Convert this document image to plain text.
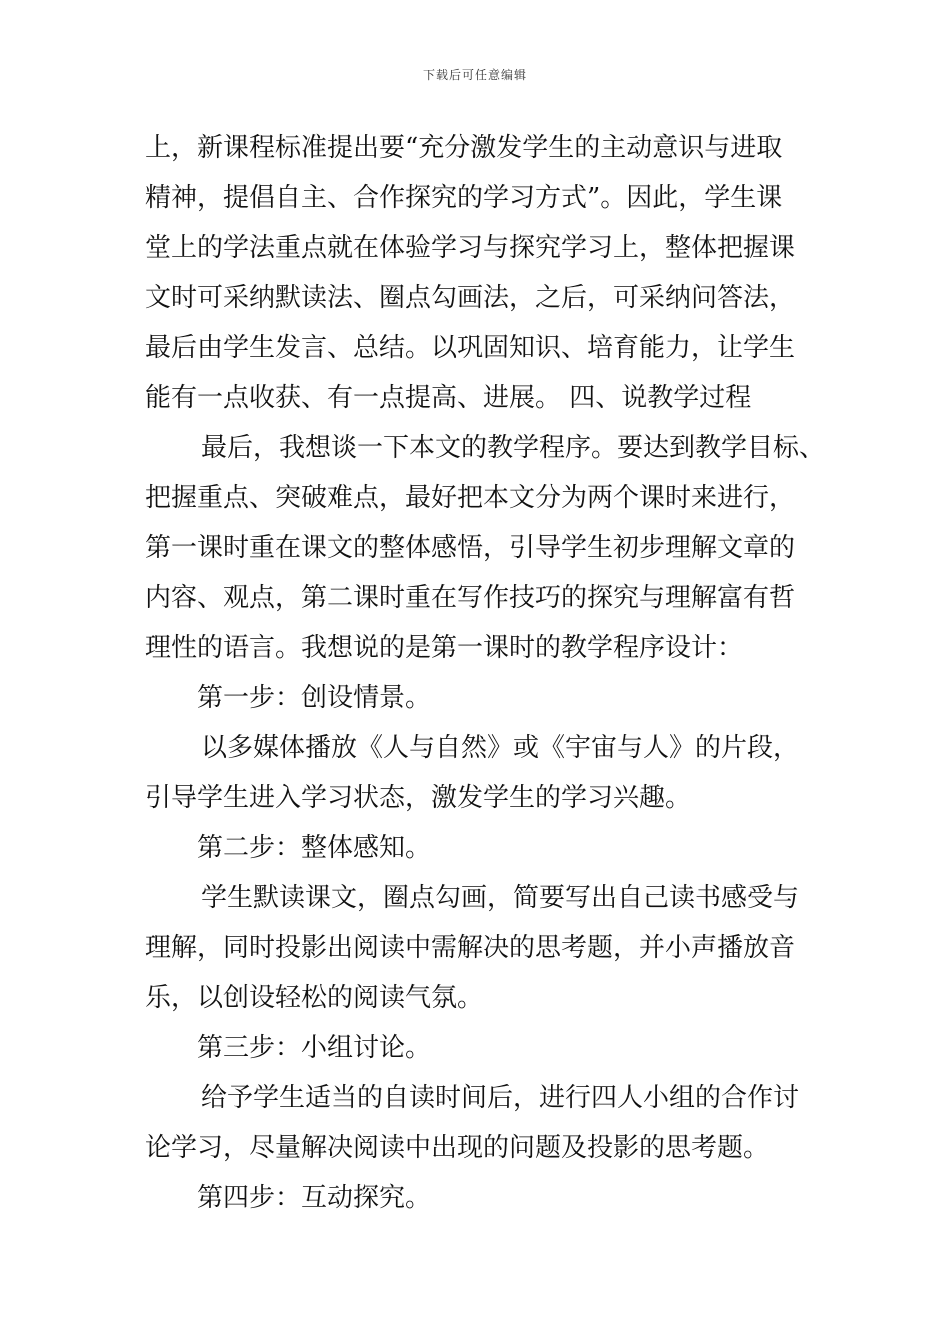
下载后可任意编辑
上，新课程标准提出要“充分激发学生的主动意识与进取
精神，提倡自主、合作探究的学习方式”。因此，学生课
堂上的学法重点就在体验学习与探究学习上，整体把握课
文时可采纳默读法、圈点勾画法，之后，可采纳问答法，
最后由学生发言、总结。以巩固知识、培育能力，让学生
能有一点收获、有一点提高、进展。 四、说教学过程
最后，我想谈一下本文的教学程序。要达到教学目标、
把握重点、突破难点，最好把本文分为两个课时来进行，
第一课时重在课文的整体感悟，引导学生初步理解文章的
内容、观点，第二课时重在写作技巧的探究与理解富有哲
理性的语言。我想说的是第一课时的教学程序设计：
第一步：创设情景。
以多媒体播放《人与自然》或《宇宙与人》的片段，
引导学生进入学习状态，激发学生的学习兴趣。
第二步：整体感知。
学生默读课文，圈点勾画，简要写出自己读书感受与
理解，同时投影出阅读中需解决的思考题，并小声播放音
乐，以创设轻松的阅读气氛。
第三步：小组讨论。
给予学生适当的自读时间后，进行四人小组的合作讨
论学习，尽量解决阅读中出现的问题及投影的思考题。
第四步：互动探究。
